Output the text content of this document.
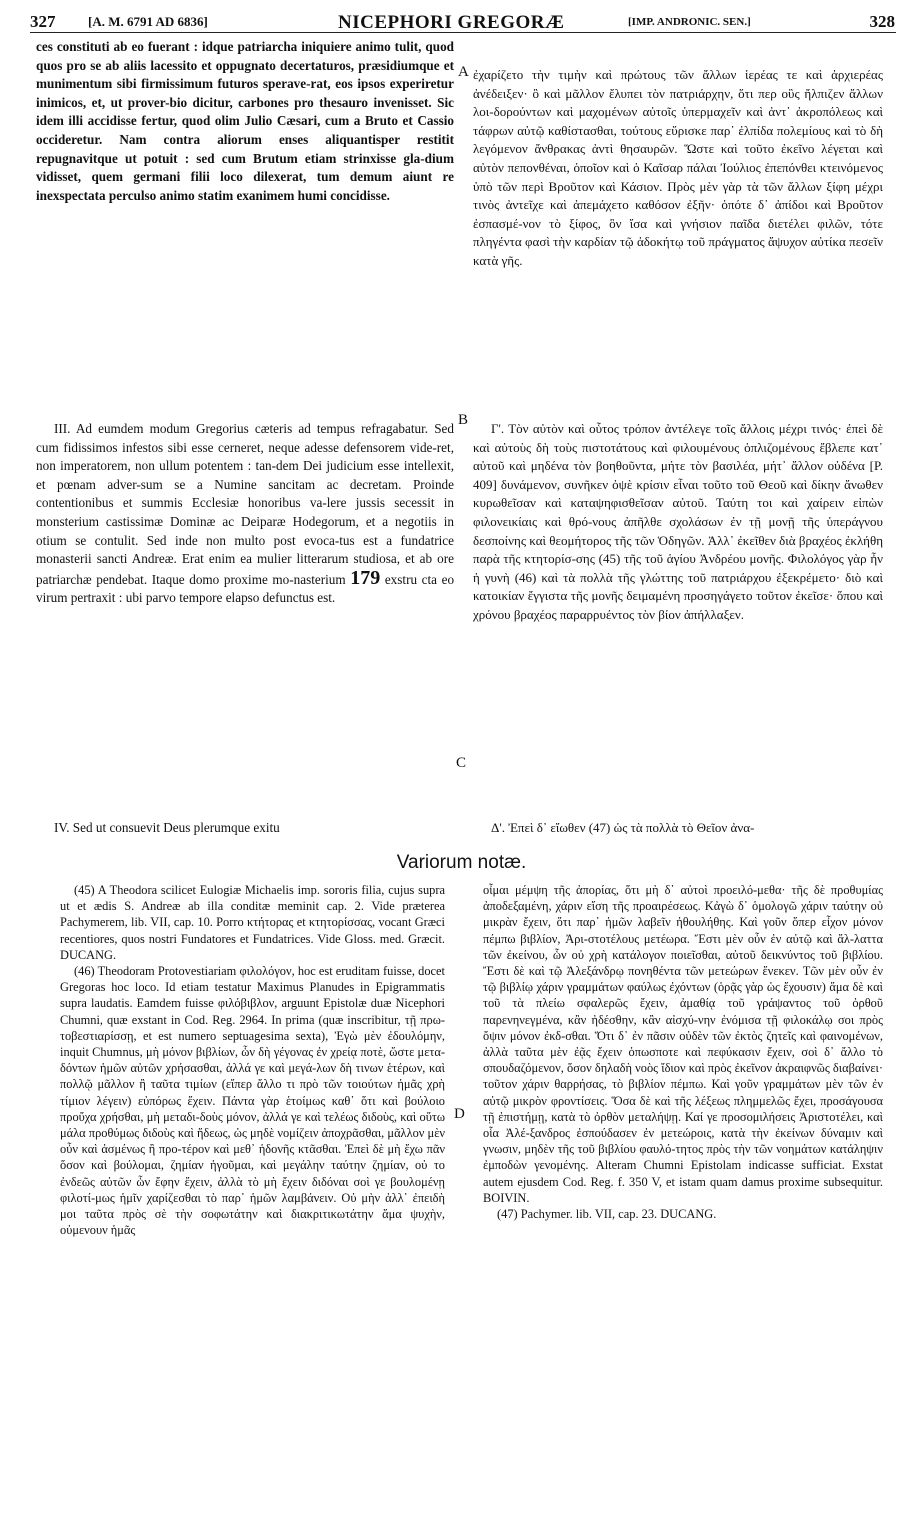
327	[A. M. 6791 AD 6836]	NICEPHORI GREGORÆ	[IMP. ANDRONIC. SEN.]	328

ces constituti ab eo fuerant : idque patriarcha iniquiere animo tulit, quod quos pro se ab aliis lacessito et oppugnato decertaturos, præsidiumque et munimentum sibi firmissimum futuros sperave-rat, eos ipsos experiretur inimicos, et, ut prover-bio dicitur, carbones pro thesauro invenisset. Sic idem illi accidisse fertur, quod olim Julio Cæsari, cum a Bruto et Cassio occideretur. Nam contra aliorum enses aliquantisper restitit repugnavitque ut potuit : sed cum Brutum etiam strinxisse gla-dium vidisset, quem germani filii loco dilexerat, tum demum aiunt re inexspectata perculso animo statim exanimem humi concidisse.

III. Ad eumdem modum Gregorius cæteris ad tempus refragabatur. Sed cum fidissimos infestos sibi esse cerneret, neque adesse defensorem vide-ret, non imperatorem, non ullum potentem : tan-dem Dei judicium esse intellexit, et pœnam adver-sum se a Numine sancitam ac decretam. Proinde contentionibus et summis Ecclesiæ honoribus va-lere jussis secessit in monsterium castissimæ Dominæ ac Deiparæ Hodegorum, et a negotiis in otium se contulit. Sed inde non multo post evoca-tus est a fundatrice monasterii sancti Andreæ. Erat enim ea mulier litterarum studiosa, et ab ore patriarchæ pendebat. Itaque domo proxime mo-nasterium 179 exstru cta eo virum pertraxit : ubi parvo tempore elapso defunctus est.

IV. Sed ut consuevit Deus plerumque exitu

A
B
C
D

ἐχαρίζετο τὴν τιμὴν καὶ πρώτους τῶν ἄλλων ἱερέας τε καὶ ἀρχιερέας ἀνέδειξεν· ὃ καὶ μᾶλλον ἔλυπει τὸν πατριάρχην, ὅτι περ οὓς ἤλπιζεν ἄλλων λοι-δορούντων καὶ μαχομένων αὐτοῖς ὑπερμαχεῖν καὶ ἀντ᾽ ἀκροπόλεως καὶ τάφρων αὐτῷ καθίστασθαι, τούτους εὕρισκε παρ᾽ ἐλπίδα πολεμίους καὶ τὸ δὴ λεγόμενον ἄνθρακας ἀντὶ θησαυρῶν. Ὥστε καὶ τοῦτο ἐκεῖνο λέγεται καὶ αὐτὸν πεπονθέναι, ὁποῖον καὶ ὁ Καῖσαρ πάλαι Ἰούλιος ἐπεπόνθει κτεινόμενος ὑπὸ τῶν περὶ Βροῦτον καὶ Κάσιον. Πρὸς μὲν γὰρ τὰ τῶν ἄλλων ξίφη μέχρι τινὸς ἀντεῖχε καὶ ἀπεμάχετο καθόσον ἐξῆν· ὁπότε δ᾽ ἀπίδοι καὶ Βροῦτον ἐσπασμέ-νον τὸ ξίφος, ὃν ἴσα καὶ γνήσιον παῖδα διετέλει φιλῶν, τότε πληγέντα φασὶ τὴν καρδίαν τῷ ἀδοκήτῳ τοῦ πράγματος ἄψυχον αὐτίκα πεσεῖν κατὰ γῆς.

Γ'. Τὸν αὐτὸν καὶ οὗτος τρόπον ἀντέλεγε τοῖς ἄλλοις μέχρι τινός· ἐπεὶ δὲ καὶ αὐτοὺς δὴ τοὺς πιστοτάτους καὶ φιλουμένους ὁπλιζομένους ἔβλεπε κατ᾽ αὐτοῦ καὶ μηδένα τὸν βοηθοῦντα, μήτε τὸν βασιλέα, μήτ᾽ ἄλλον οὐδένα [P. 409] δυνάμενον, συνῆκεν ὀψὲ κρίσιν εἶναι τοῦτο τοῦ Θεοῦ καὶ δίκην ἄνωθεν κυρωθεῖσαν καὶ καταψηφισθεῖσαν αὐτοῦ. Ταύτη τοι καὶ χαίρειν εἰπὼν φιλονεικίαις καὶ θρό-νους ἀπῆλθε σχολάσων ἐν τῇ μονῇ τῆς ὑπεράγνου δεσποίνης καὶ θεομήτορος τῆς τῶν Ὁδηγῶν. Ἀλλ᾽ ἐκεῖθεν διὰ βραχέος ἐκλήθη παρὰ τῆς κτητορίσ-σης (45) τῆς τοῦ ἁγίου Ἀνδρέου μονῆς. Φιλολόγος γὰρ ἦν ἡ γυνὴ (46) καὶ τὰ πολλὰ τῆς γλώττης τοῦ πατριάρχου ἐξεκρέμετο· διὸ καὶ κατοικίαν ἔγγιστα τῆς μονῆς δειμαμένη προσηγάγετο τοῦτον ἐκεῖσε· ὅπου καὶ χρόνου βραχέος παραρρυέντος τὸν βίον ἀπήλλαξεν.

Δ'. Ἐπεὶ δ᾽ εἴωθεν (47) ὡς τὰ πολλὰ τὸ Θεῖον ἀνα-

Variorum notæ.

(45) A Theodora scilicet Eulogiæ Michaelis imp. sororis filia, cujus supra ut et ædis S. Andreæ ab illa conditæ meminit cap. 2. Vide præterea Pachymerem, lib. VII, cap. 10. Porro κτήτορας et κτητορίσσας, vocant Græci recentiores, quos nostri Fundatores et Fundatrices. Vide Gloss. med. Græcit. DUCANG.

(46) Theodoram Protovestiariam φιλολόγον, hoc est eruditam fuisse, docet Gregoras hoc loco. Id etiam testatur Maximus Planudes in Epigrammatis supra laudatis. Eamdem fuisse φιλόβιβλον, arguunt Epistolæ duæ Nicephori Chumni, quæ exstant in Cod. Reg. 2964. In prima (quæ inscribitur, τῇ πρω-τοβεστιαρίσσῃ, et est numero septuagesima sexta), Ἐγὼ μὲν ἐδουλόμην, inquit Chumnus, μὴ μόνον βιβλίων, ὧν δὴ γέγονας ἐν χρείᾳ ποτὲ, ὥστε μετα-δόντων ἡμῶν αὐτῶν χρήσασθαι, ἀλλά γε καὶ μεγά-λων δὴ τινων ἑτέρων, καὶ πολλῷ μᾶλλον ἢ ταῦτα τιμίων (εἴπερ ἄλλο τι πρὸ τῶν τοιούτων ἡμᾶς χρὴ τίμιον λέγειν) εὐπόρως ἔχειν. Πάντα γὰρ ἑτοίμως καθ᾽ ὅτι καὶ βούλοιο προὔχα χρήσθαι, μὴ μεταδι-δοὺς μόνον, ἀλλά γε καὶ τελέως διδοὺς, καὶ οὕτω μάλα προθύμως διδοὺς καὶ ἥδεως, ὡς μηδὲ νομίζειν ἀποχρᾶσθαι, μᾶλλον μὲν οὖν καὶ ἀσμένως ἢ προ-τέρον καὶ μεθ᾽ ἡδονῆς κτᾶσθαι. Ἐπεὶ δὲ μὴ ἔχω πᾶν ὅσον καὶ βούλομαι, ζημίαν ἡγοῦμαι, καὶ μεγάλην ταύτην ζημίαν, οὐ το ἐνδεῶς αὐτῶν ὧν ἔφην ἔχειν, ἀλλὰ τὸ μὴ ἔχειν διδόναι σοὶ γε βουλομένῃ φιλοτί-μως ἡμῖν χαρίζεσθαι τὸ παρ᾽ ἡμῶν λαμβάνειν. Οὐ μὴν ἀλλ᾽ ἐπειδὴ μοι ταῦτα πρὸς σὲ τὴν σοφωτάτην καὶ διακριτικωτάτην ἅμα ψυχὴν, οὐμενουν ἡμᾶς

οἶμαι μέμψη τῆς ἀπορίας, ὅτι μὴ δ᾽ αὐτοὶ προειλό-μεθα· τῆς δὲ προθυμίας ἀποδεξαμένη, χάριν εἴση τῆς προαιρέσεως. Κἀγὼ δ᾽ ὁμολογῶ χάριν ταύτην οὐ μικρὰν ἔχειν, ὅτι παρ᾽ ἡμῶν λαβεῖν ἠθουλήθης. Καὶ γοῦν ὅπερ εἶχον μόνον πέμπω βιβλίον, Ἀρι-στοτέλους μετέωρα. Ἔστι μὲν οὖν ἐν αὐτῷ καὶ ἄλ-λαττα τῶν ἐκείνου, ὧν οὐ χρὴ κατάλογον ποιεῖσθαι, αὐτοῦ δεικνύντος τοῦ βιβλίου. Ἔστι δὲ καὶ τῷ Ἀλεξάνδρῳ πονηθέντα τῶν μετεώρων ἕνεκεν. Τῶν μὲν οὖν ἐν τῷ βιβλίῳ χάριν γραμμάτων φαύλως ἐχόντων (ὁρᾷς γὰρ ὡς ἔχουσιν) ἅμα δὲ καὶ τοῦ τὰ πλείω σφαλερῶς ἔχειν, ἀμαθίᾳ τοῦ γράψαντος τοῦ ὀρθοῦ παρενηνεγμένα, κἂν ἠδέσθην, κἂν αἰσχύ-νην ἐνόμισα τῇ φιλοκάλῳ σοι πρὸς ὄψιν μόνον ἐκδ-σθαι. Ὅτι δ᾽ ἐν πᾶσιν οὐδὲν τῶν ἐκτὸς ζητεῖς καὶ φαινομένων, ἀλλὰ ταῦτα μὲν ἐᾷς ἔχειν ὁπωσποτε καὶ πεφύκασιν ἔχειν, σοὶ δ᾽ ἄλλο τὸ σπουδαζόμενον, ὅσον δηλαδὴ νοὸς ἴδιον καὶ πρὸς ἐκεῖνον ἀκραιφνῶς διαβαίνει· τοῦτον χάριν θαρρήσας, τὸ βιβλίον πέμπω. Καὶ γοῦν γραμμάτων μὲν τῶν ἐν αὐτῷ μικρὸν φροντίσεις. Ὅσα δὲ καὶ τῆς λέξεως πλημμελῶς ἔχει, προσάγουσα τῇ ἐπιστήμῃ, κατὰ τὸ ὀρθὸν μεταλήψῃ. Καί γε προσομιλήσεις Ἀριστοτέλει, καὶ οἷα Ἀλέ-ξανδρος ἐσπούδασεν ἐν μετεώροις, κατὰ τὴν ἐκείνων δύναμιν καὶ γνωσιν, μηδὲν τῆς τοῦ βιβλίου φαυλό-τητος πρὸς τὴν τῶν νοημάτων κατάληψιν ἐμποδὼν γενομένης. Alteram Chumni Epistolam indicasse sufficiat. Exstat autem ejusdem Cod. Reg. f. 350 V, et istam quam damus proxime subsequitur. BOIVIN.

(47) Pachymer. lib. VII, cap. 23. DUCANG.
